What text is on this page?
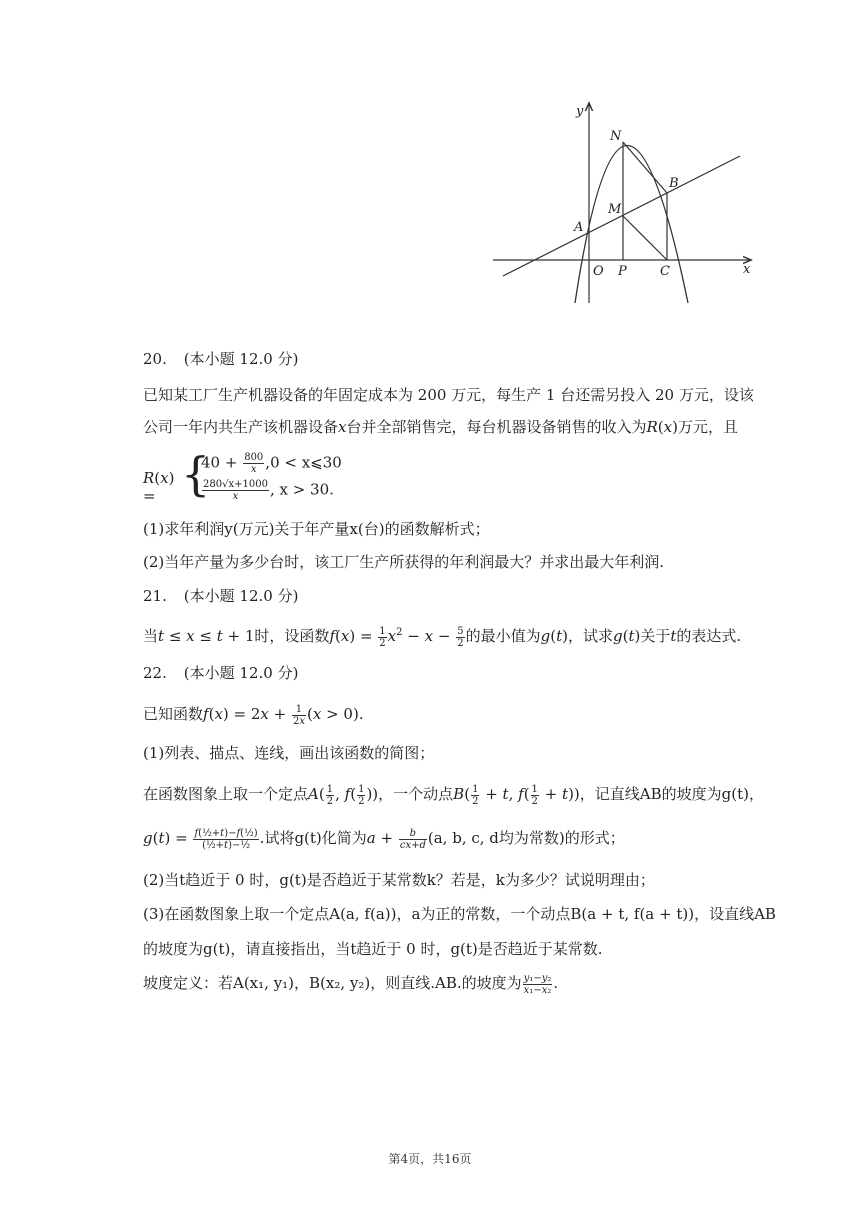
y
x
N
B
M
A
O P	C
20. (本小题 12.0 分)
已知某工厂生产机器设备的年固定成本为 200 万元，每生产 1 台还需另投入 20 万元，设该
公司一年内共生产该机器设备x台并全部销售完，每台机器设备销售的收入为R(x)万元，且
R(x) = {
$40 + \frac{800}{x} ,0$ < x⩽30
$\frac{280√x+1000}{x}$ , x > 30.
(1)求年利润y(万元)关于年产量x(台)的函数解析式；
(2)当年产量为多少台时，该工厂生产所获得的年利润最大？并求出最大年利润.
21. (本小题 12.0 分)
当t ≤ x ≤ t + 1时，设函数$f(x) = \frac{1}{2} x^2 - x - \frac{5}{2}$ 的最小值为g(t)，试求g(t)关于t的表达式.
22. (本小题 12.0 分)
已知函数$f(x) = 2x + \frac{1}{2x} (x > 0)$.
(1)列表、描点、连线，画出该函数的简图；
在函数图象上取一个定点$A( \frac{1}{2}$ , $f( \frac{1}{2}$ ))，一个动点$B( \frac{1}{2} + t$, $f( \frac{1}{2} + t)$)，记直线AB的坡度为g(t)，
$g(t) = \frac{\text{f(½+t)−f(½)}}{\text{(½+t)−½}}$ .试将g(t)化简为$a + \frac{b}{cx+d} (a$, b, c, d均为常数)的形式；
(2)当t趋近于 0 时，g(t)是否趋近于某常数k？若是，k为多少？试说明理由；
(3)在函数图象上取一个定点A(a, f(a))，a为正的常数，一个动点B(a + t, f(a + t))，设直线AB
的坡度为g(t)，请直接指出，当t趋近于 0 时，g(t)是否趋近于某常数.
坡度定义：若A(x₁, y₁)，B(x₂, y₂)，则直线.AB.的坡度为 $\frac{\text{y₁−y₂}}{\text{x₁−x₂}}$ .
第4页，共16页
